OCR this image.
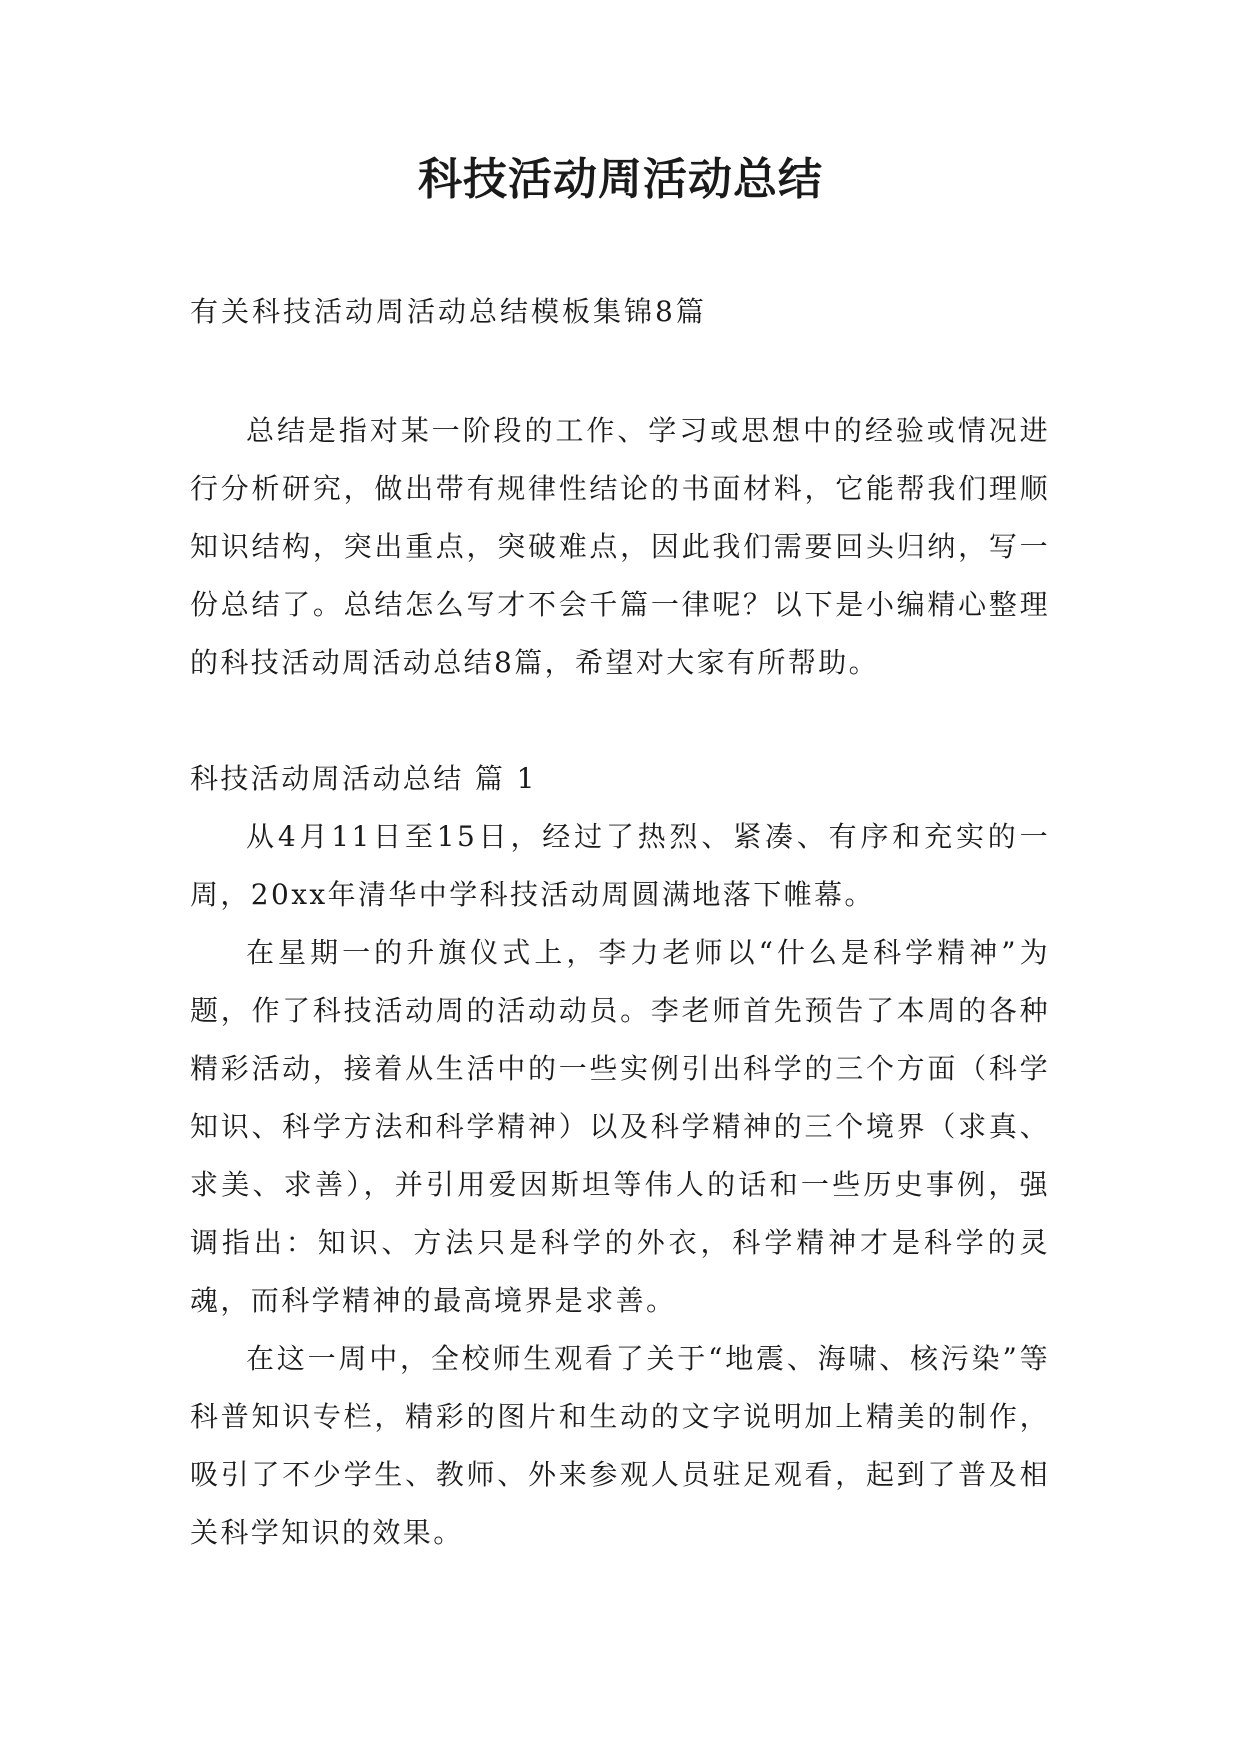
科技活动周活动总结
有关科技活动周活动总结模板集锦8篇

总结是指对某一阶段的工作、学习或思想中的经验或情况进行分析研究，做出带有规律性结论的书面材料，它能帮我们理顺知识结构，突出重点，突破难点，因此我们需要回头归纳，写一份总结了。总结怎么写才不会千篇一律呢？以下是小编精心整理的科技活动周活动总结8篇，希望对大家有所帮助。

科技活动周活动总结 篇 1

从4月11日至15日，经过了热烈、紧凑、有序和充实的一周，20xx年清华中学科技活动周圆满地落下帷幕。

在星期一的升旗仪式上，李力老师以“什么是科学精神”为题，作了科技活动周的活动动员。李老师首先预告了本周的各种精彩活动，接着从生活中的一些实例引出科学的三个方面（科学知识、科学方法和科学精神）以及科学精神的三个境界（求真、求美、求善），并引用爱因斯坦等伟人的话和一些历史事例，强调指出：知识、方法只是科学的外衣，科学精神才是科学的灵魂，而科学精神的最高境界是求善。

在这一周中，全校师生观看了关于“地震、海啸、核污染”等科普知识专栏，精彩的图片和生动的文字说明加上精美的制作，吸引了不少学生、教师、外来参观人员驻足观看，起到了普及相关科学知识的效果。
